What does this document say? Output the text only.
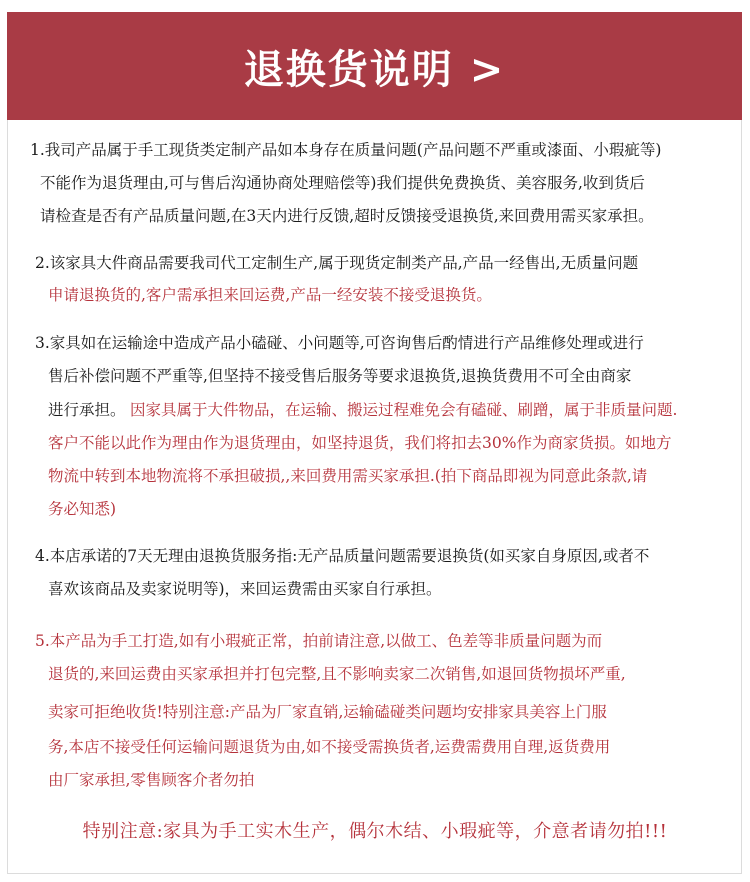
退换货说明 >
1.我司产品属于手工现货类定制产品如本身存在质量问题(产品问题不严重或漆面、小瑕疵等)
不能作为退货理由,可与售后沟通协商处理赔偿等)我们提供免费换货、美容服务,收到货后
请检查是否有产品质量问题,在3天内进行反馈,超时反馈接受退换货,来回费用需买家承担。
2.该家具大件商品需要我司代工定制生产,属于现货定制类产品,产品一经售出,无质量问题
申请退换货的,客户需承担来回运费,产品一经安装不接受退换货。
3.家具如在运输途中造成产品小磕碰、小问题等,可咨询售后酌情进行产品维修处理或进行
售后补偿问题不严重等,但坚持不接受售后服务等要求退换货,退换货费用不可全由商家
进行承担。 因家具属于大件物品，在运输、搬运过程难免会有磕碰、刷蹭，属于非质量问题.
客户不能以此作为理由作为退货理由，如坚持退货，我们将扣去30%作为商家货损。如地方
物流中转到本地物流将不承担破损,,来回费用需买家承担.(拍下商品即视为同意此条款,请
务必知悉)
4.本店承诺的7天无理由退换货服务指:无产品质量问题需要退换货(如买家自身原因,或者不
喜欢该商品及卖家说明等)，来回运费需由买家自行承担。
5.本产品为手工打造,如有小瑕疵正常，拍前请注意,以做工、色差等非质量问题为而
退货的,来回运费由买家承担并打包完整,且不影响卖家二次销售,如退回货物损坏严重,
卖家可拒绝收货!特别注意:产品为厂家直销,运输磕碰类问题均安排家具美容上门服
务,本店不接受任何运输问题退货为由,如不接受需换货者,运费需费用自理,返货费用
由厂家承担,零售顾客介者勿拍
特别注意:家具为手工实木生产，偶尔木结、小瑕疵等，介意者请勿拍!!!
